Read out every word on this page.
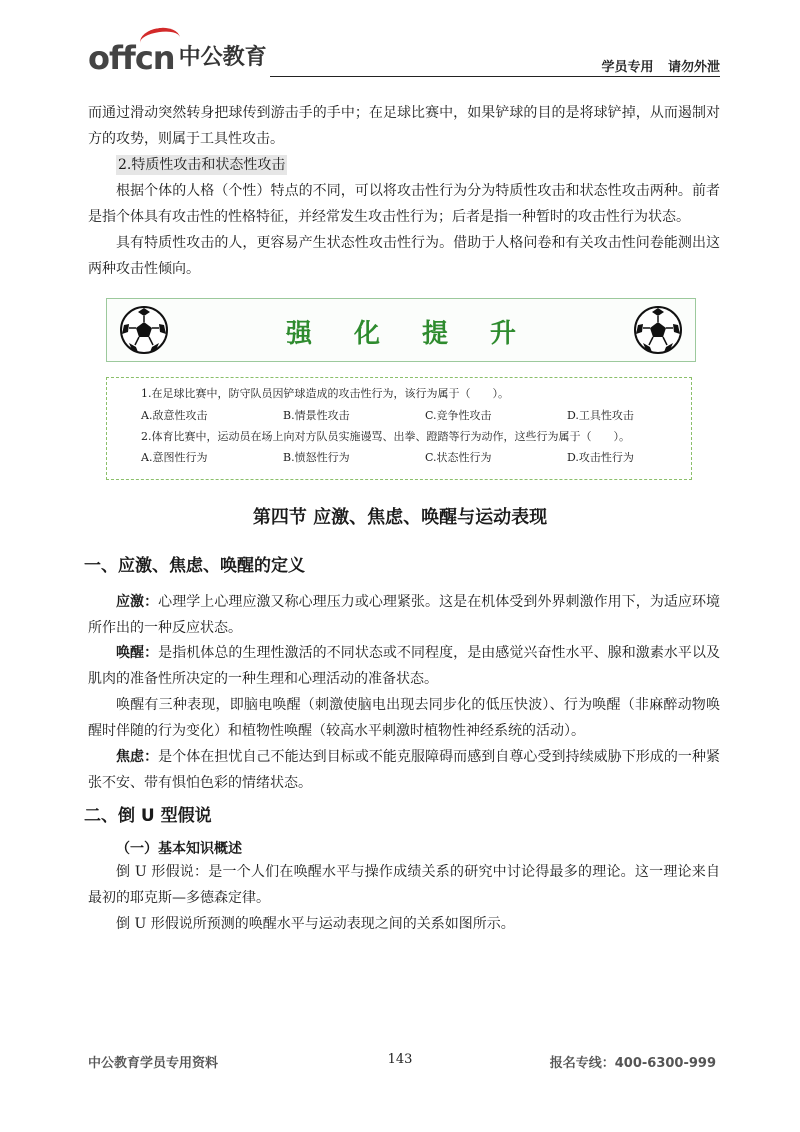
offcn 中公教育	学员专用 请勿外泄

而通过滑动突然转身把球传到游击手的手中；在足球比赛中，如果铲球的目的是将球铲掉，从而遏制对方的攻势，则属于工具性攻击。

2.特质性攻击和状态性攻击

根据个体的人格（个性）特点的不同，可以将攻击性行为分为特质性攻击和状态性攻击两种。前者是指个体具有攻击性的性格特征，并经常发生攻击性行为；后者是指一种暂时的攻击性行为状态。

具有特质性攻击的人，更容易产生状态性攻击性行为。借助于人格问卷和有关攻击性问卷能测出这两种攻击性倾向。

强化提升
1.在足球比赛中，防守队员因铲球造成的攻击性行为，该行为属于（　　）。
A.敌意性攻击	B.情景性攻击	C.竞争性攻击	D.工具性攻击
2.体育比赛中，运动员在场上向对方队员实施谩骂、出拳、蹬踏等行为动作，这些行为属于（　　）。
A.意图性行为	B.愤怒性行为	C.状态性行为	D.攻击性行为
第四节 应激、焦虑、唤醒与运动表现
一、应激、焦虑、唤醒的定义

应激：心理学上心理应激又称心理压力或心理紧张。这是在机体受到外界刺激作用下，为适应环境所作出的一种反应状态。

唤醒：是指机体总的生理性激活的不同状态或不同程度，是由感觉兴奋性水平、腺和激素水平以及肌肉的准备性所决定的一种生理和心理活动的准备状态。

唤醒有三种表现，即脑电唤醒（刺激使脑电出现去同步化的低压快波）、行为唤醒（非麻醉动物唤醒时伴随的行为变化）和植物性唤醒（较高水平刺激时植物性神经系统的活动）。

焦虑：是个体在担忧自己不能达到目标或不能克服障碍而感到自尊心受到持续威胁下形成的一种紧张不安、带有惧怕色彩的情绪状态。

二、倒 U 型假说
（一）基本知识概述

倒 U 形假说：是一个人们在唤醒水平与操作成绩关系的研究中讨论得最多的理论。这一理论来自最初的耶克斯—多德森定律。

倒 U 形假说所预测的唤醒水平与运动表现之间的关系如图所示。

中公教育学员专用资料	143	报名专线：400-6300-999
